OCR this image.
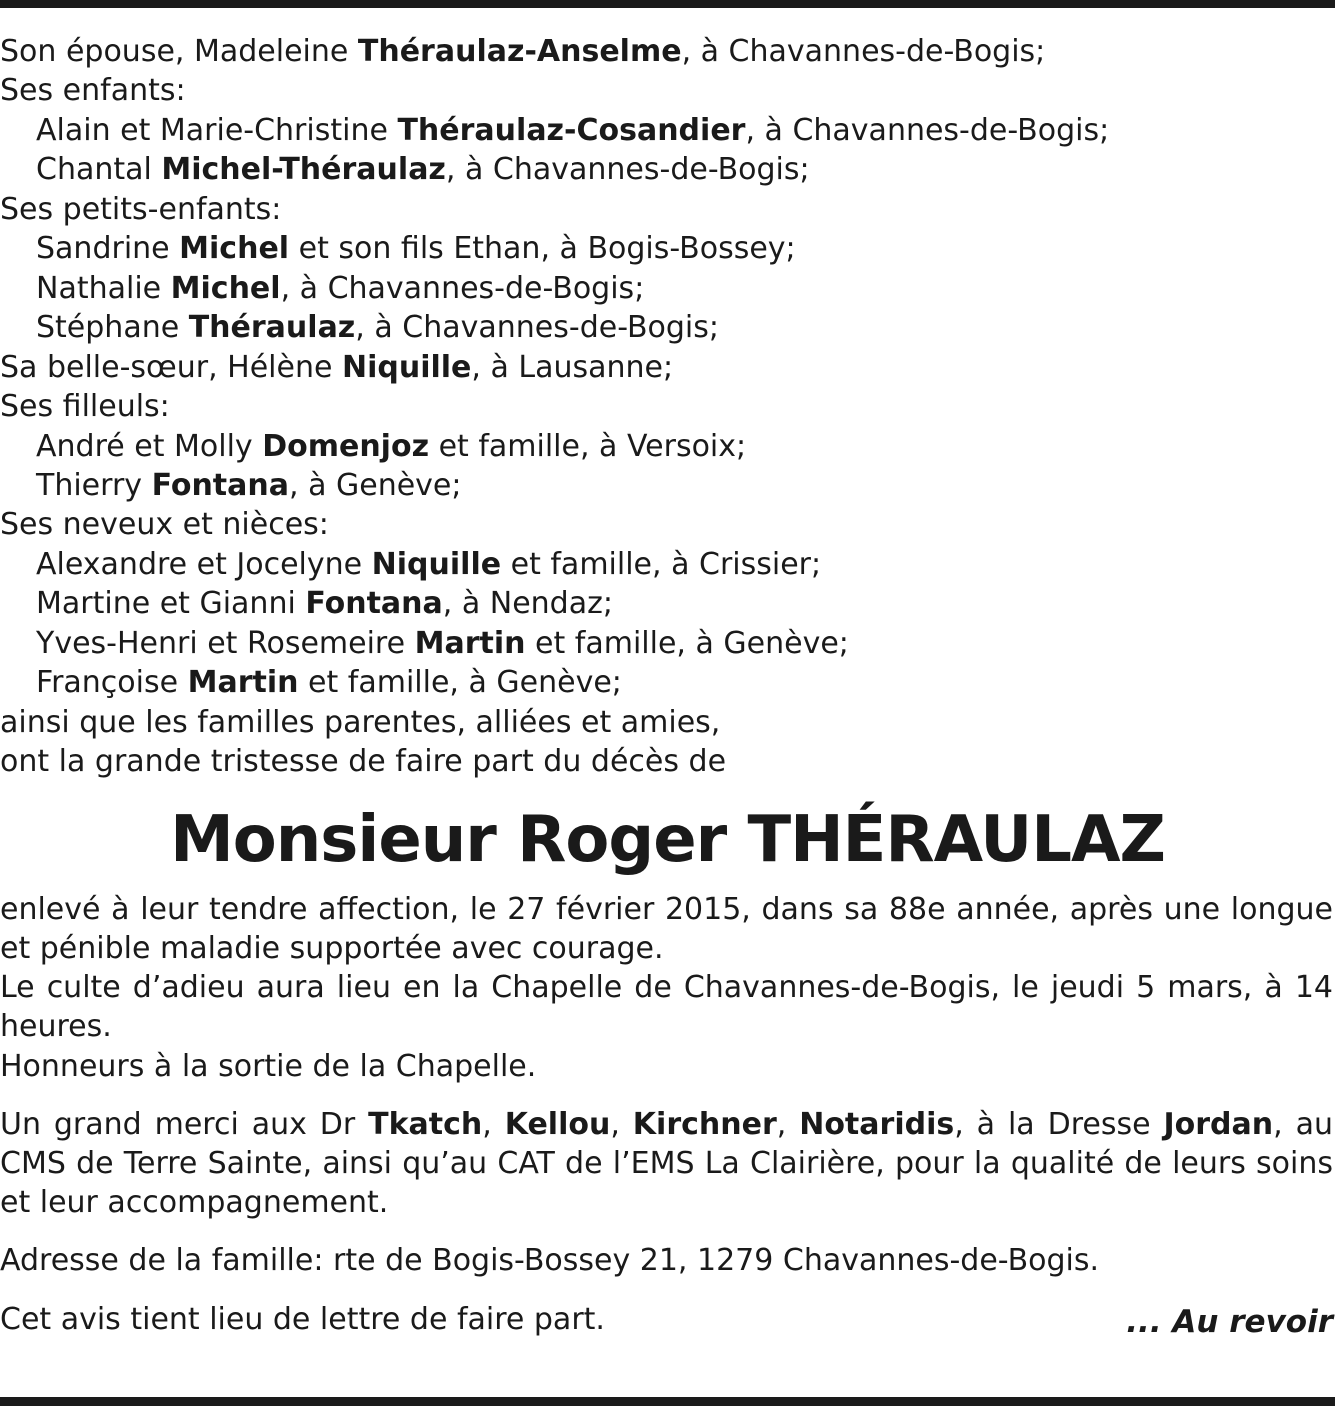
Son épouse, Madeleine Théraulaz-Anselme, à Chavannes-de-Bogis;
Ses enfants:
Alain et Marie-Christine Théraulaz-Cosandier, à Chavannes-de-Bogis;
Chantal Michel-Théraulaz, à Chavannes-de-Bogis;
Ses petits-enfants:
Sandrine Michel et son fils Ethan, à Bogis-Bossey;
Nathalie Michel, à Chavannes-de-Bogis;
Stéphane Théraulaz, à Chavannes-de-Bogis;
Sa belle-sœur, Hélène Niquille, à Lausanne;
Ses filleuls:
André et Molly Domenjoz et famille, à Versoix;
Thierry Fontana, à Genève;
Ses neveux et nièces:
Alexandre et Jocelyne Niquille et famille, à Crissier;
Martine et Gianni Fontana, à Nendaz;
Yves-Henri et Rosemeire Martin et famille, à Genève;
Françoise Martin et famille, à Genève;
ainsi que les familles parentes, alliées et amies,
ont la grande tristesse de faire part du décès de
Monsieur Roger THÉRAULAZ
enlevé à leur tendre affection, le 27 février 2015, dans sa 88e année, après une longue et pénible maladie supportée avec courage.
Le culte d’adieu aura lieu en la Chapelle de Chavannes-de-Bogis, le jeudi 5 mars, à 14 heures.
Honneurs à la sortie de la Chapelle.
Un grand merci aux Dr Tkatch, Kellou, Kirchner, Notaridis, à la Dresse Jordan, au CMS de Terre Sainte, ainsi qu’au CAT de l’EMS La Clairière, pour la qualité de leurs soins et leur accompagnement.
Adresse de la famille: rte de Bogis-Bossey 21, 1279 Chavannes-de-Bogis.
Cet avis tient lieu de lettre de faire part.	... Au revoir
